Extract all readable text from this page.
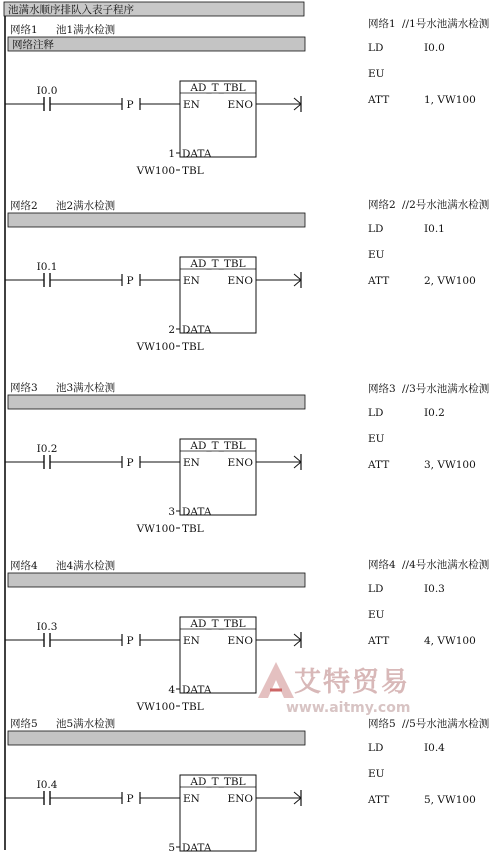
池满水顺序排队入表子程序
网络1 池1满水检测
网络注释
I0.0
P
AD_T_TBL
EN	ENO
1 DATA
VW100 TBL
网络2 池2满水检测
I0.1
P
AD_T_TBL
EN	ENO
2 DATA
VW100 TBL
网络3 池3满水检测
I0.2
P
AD_T_TBL
EN	ENO
3 DATA
VW100 TBL
网络4 池4满水检测
I0.3
P
AD_T_TBL
EN	ENO
4 DATA
VW100 TBL
网络5 池5满水检测
I0.4
P
AD_T_TBL
EN	ENO
5 DATA
网络1 //1号水池满水检测
LD	I0.0
EU
ATT	1, VW100
网络2 //2号水池满水检测
LD	I0.1
EU
ATT	2, VW100
网络3 //3号水池满水检测
LD	I0.2
EU
ATT	3, VW100
网络4 //4号水池满水检测
LD	I0.3
EU
ATT	4, VW100
网络5 //5号水池满水检测
LD	I0.4
EU
ATT	5, VW100
艾特贸易
www.aitmy.com
